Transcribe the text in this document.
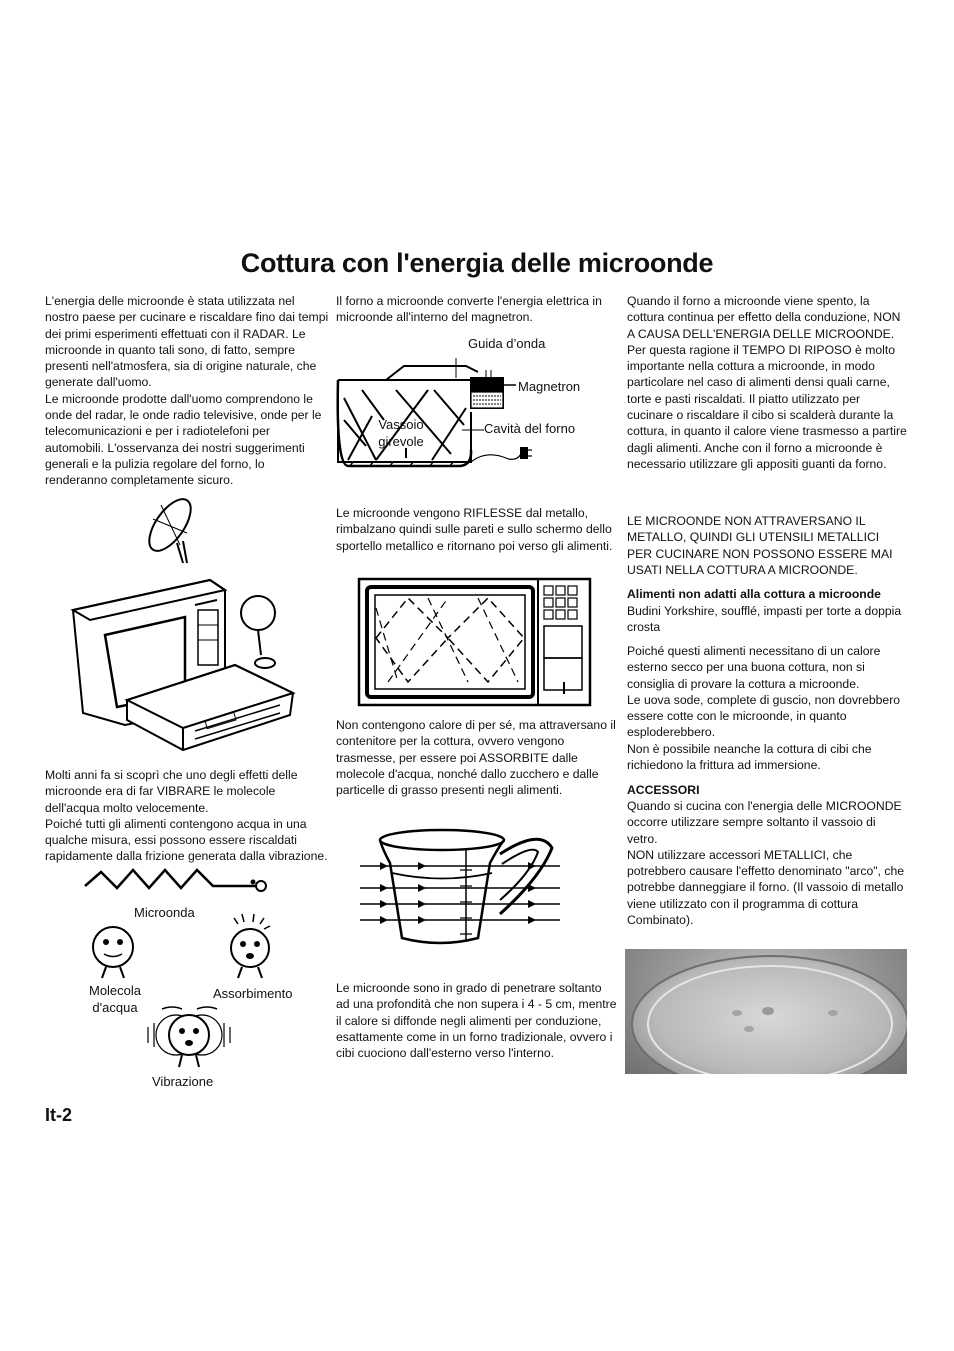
Cottura con l'energia delle microonde

L'energia delle microonde è stata utilizzata nel nostro paese per cucinare e riscaldare fino dai tempi dei primi esperimenti effettuati con il RADAR. Le microonde in quanto tali sono, di fatto, sempre presenti nell'atmosfera, sia di origine naturale, che generate dall'uomo.

Le microonde prodotte dall'uomo comprendono le onde del radar, le onde radio televisive, onde per le telecomunicazioni e per i radiotelefoni per automobili. L'osservanza dei nostri suggerimenti generali e la pulizia regolare del forno, lo renderanno completamente sicuro.

Molti anni fa si scoprì che uno degli effetti delle microonde era di far VIBRARE le molecole dell'acqua molto velocemente.

Poiché tutti gli alimenti contengono acqua in una qualche misura, essi possono essere riscaldati rapidamente dalla frizione generata dalla vibrazione.

Microonda
Molecola
d'acqua
Assorbimento
Vibrazione
It-2
Il forno a microonde converte l'energia elettrica in microonde all'interno del magnetron.
Guida d’onda
Magnetron
Vassoio
girevole
Cavità del forno
Le microonde vengono RIFLESSE dal metallo, rimbalzano quindi sulle pareti e sullo schermo dello sportello metallico e ritornano poi verso gli alimenti.
Non contengono calore di per sé, ma attraversano il contenitore per la cottura, ovvero vengono trasmesse, per essere poi ASSORBITE dalle molecole d'acqua, nonché dallo zucchero e dalle particelle di grasso presenti negli alimenti.
Le microonde sono in grado di penetrare soltanto ad una profondità che non supera i 4 - 5 cm, mentre il calore si diffonde negli alimenti per conduzione, esattamente come in un forno tradizionale, ovvero i cibi cuociono dall'esterno verso l'interno.
Quando il forno a microonde viene spento, la cottura continua per effetto della conduzione, NON A CAUSA DELL'ENERGIA DELLE MICROONDE. Per questa ragione il TEMPO DI RIPOSO è molto importante nella cottura a microonde, in modo particolare nel caso di alimenti densi quali carne, torte e pasti riscaldati. Il piatto utilizzato per cucinare o riscaldare il cibo si scalderà durante la cottura, in quanto il calore viene trasmesso a partire dagli alimenti. Anche con il forno a microonde è necessario utilizzare gli appositi guanti da forno.
LE MICROONDE NON ATTRAVERSANO IL METALLO, QUINDI GLI UTENSILI METALLICI PER CUCINARE NON POSSONO ESSERE MAI USATI NELLA COTTURA A MICROONDE.
Alimenti non adatti alla cottura a microonde
Budini Yorkshire, soufflé, impasti per torte a doppia crosta

Poiché questi alimenti necessitano di un calore esterno secco per una buona cottura, non si consiglia di provare la cottura a microonde.

Le uova sode, complete di guscio, non dovrebbero essere cotte con le microonde, in quanto esploderebbero.

Non è possibile neanche la cottura di cibi che richiedono la frittura ad immersione.

ACCESSORI

Quando si cucina con l'energia delle MICROONDE occorre utilizzare sempre soltanto il vassoio di vetro.

NON utilizzare accessori METALLICI, che potrebbero causare l'effetto denominato "arco", che potrebbe danneggiare il forno. (Il vassoio di metallo viene utilizzato con il programma di cottura Combinato).
